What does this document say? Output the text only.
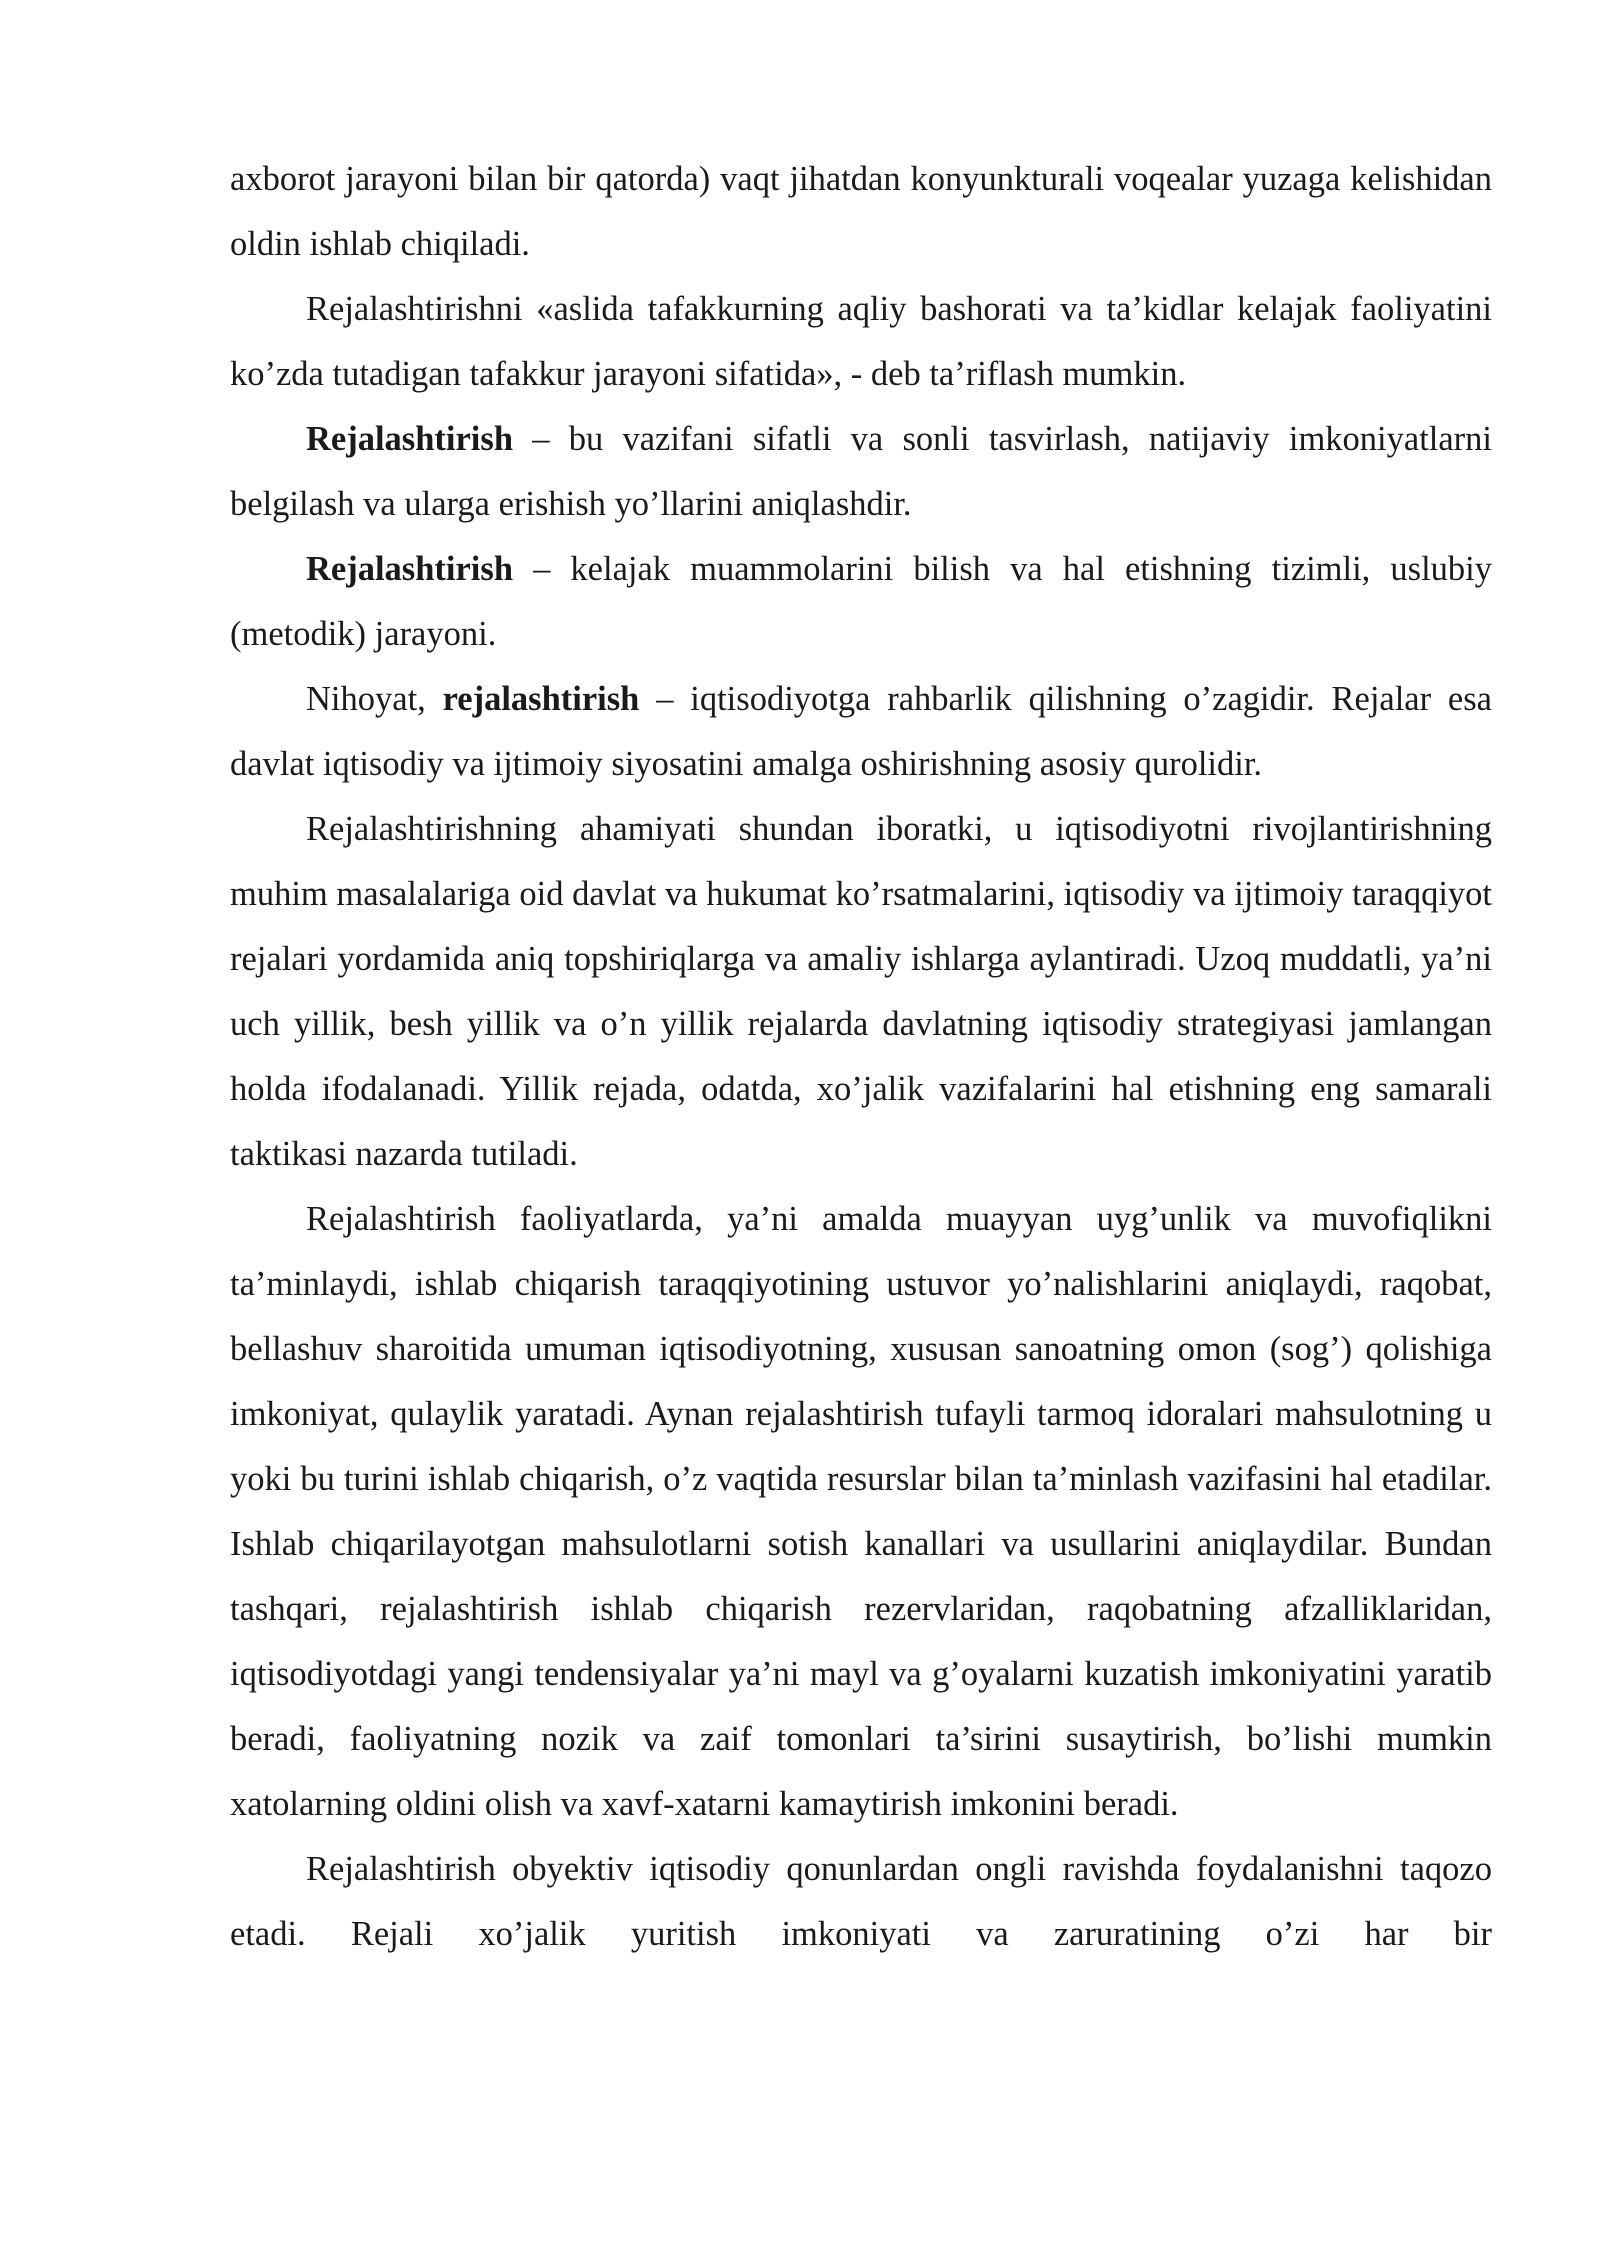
axborot jarayoni bilan bir qatorda) vaqt jihatdan konyunkturali voqealar yuzaga kelishidan oldin ishlab chiqiladi.

Rejalashtirishni «aslida tafakkurning aqliy bashorati va ta’kidlar kelajak faoliyatini ko’zda tutadigan tafakkur jarayoni sifatida», - deb ta’riflash mumkin.

Rejalashtirish – bu vazifani sifatli va sonli tasvirlash, natijaviy imkoniyatlarni belgilash va ularga erishish yo’llarini aniqlashdir.

Rejalashtirish – kelajak muammolarini bilish va hal etishning tizimli, uslubiy (metodik) jarayoni.

Nihoyat, rejalashtirish – iqtisodiyotga rahbarlik qilishning o’zagidir. Rejalar esa davlat iqtisodiy va ijtimoiy siyosatini amalga oshirishning asosiy qurolidir.

Rejalashtirishning ahamiyati shundan iboratki, u iqtisodiyotni rivojlantirishning muhim masalalariga oid davlat va hukumat ko’rsatmalarini, iqtisodiy va ijtimoiy taraqqiyot rejalari yordamida aniq topshiriqlarga va amaliy ishlarga aylantiradi. Uzoq muddatli, ya’ni uch yillik, besh yillik va o’n yillik rejalarda davlatning iqtisodiy strategiyasi jamlangan holda ifodalanadi. Yillik rejada, odatda, xo’jalik vazifalarini hal etishning eng samarali taktikasi nazarda tutiladi.

Rejalashtirish faoliyatlarda, ya’ni amalda muayyan uyg’unlik va muvofiqlikni ta’minlaydi, ishlab chiqarish taraqqiyotining ustuvor yo’nalishlarini aniqlaydi, raqobat, bellashuv sharoitida umuman iqtisodiyotning, xususan sanoatning omon (sog’) qolishiga imkoniyat, qulaylik yaratadi. Aynan rejalashtirish tufayli tarmoq idoralari mahsulotning u yoki bu turini ishlab chiqarish, o’z vaqtida resurslar bilan ta’minlash vazifasini hal etadilar. Ishlab chiqarilayotgan mahsulotlarni sotish kanallari va usullarini aniqlaydilar. Bundan tashqari, rejalashtirish ishlab chiqarish rezervlaridan, raqobatning afzalliklaridan, iqtisodiyotdagi yangi tendensiyalar ya’ni mayl va g’oyalarni kuzatish imkoniyatini yaratib beradi, faoliyatning nozik va zaif tomonlari ta’sirini susaytirish, bo’lishi mumkin xatolarning oldini olish va xavf-xatarni kamaytirish imkonini beradi.

Rejalashtirish obyektiv iqtisodiy qonunlardan ongli ravishda foydalanishni taqozo etadi. Rejali xo’jalik yuritish imkoniyati va zaruratining o’zi har bir
